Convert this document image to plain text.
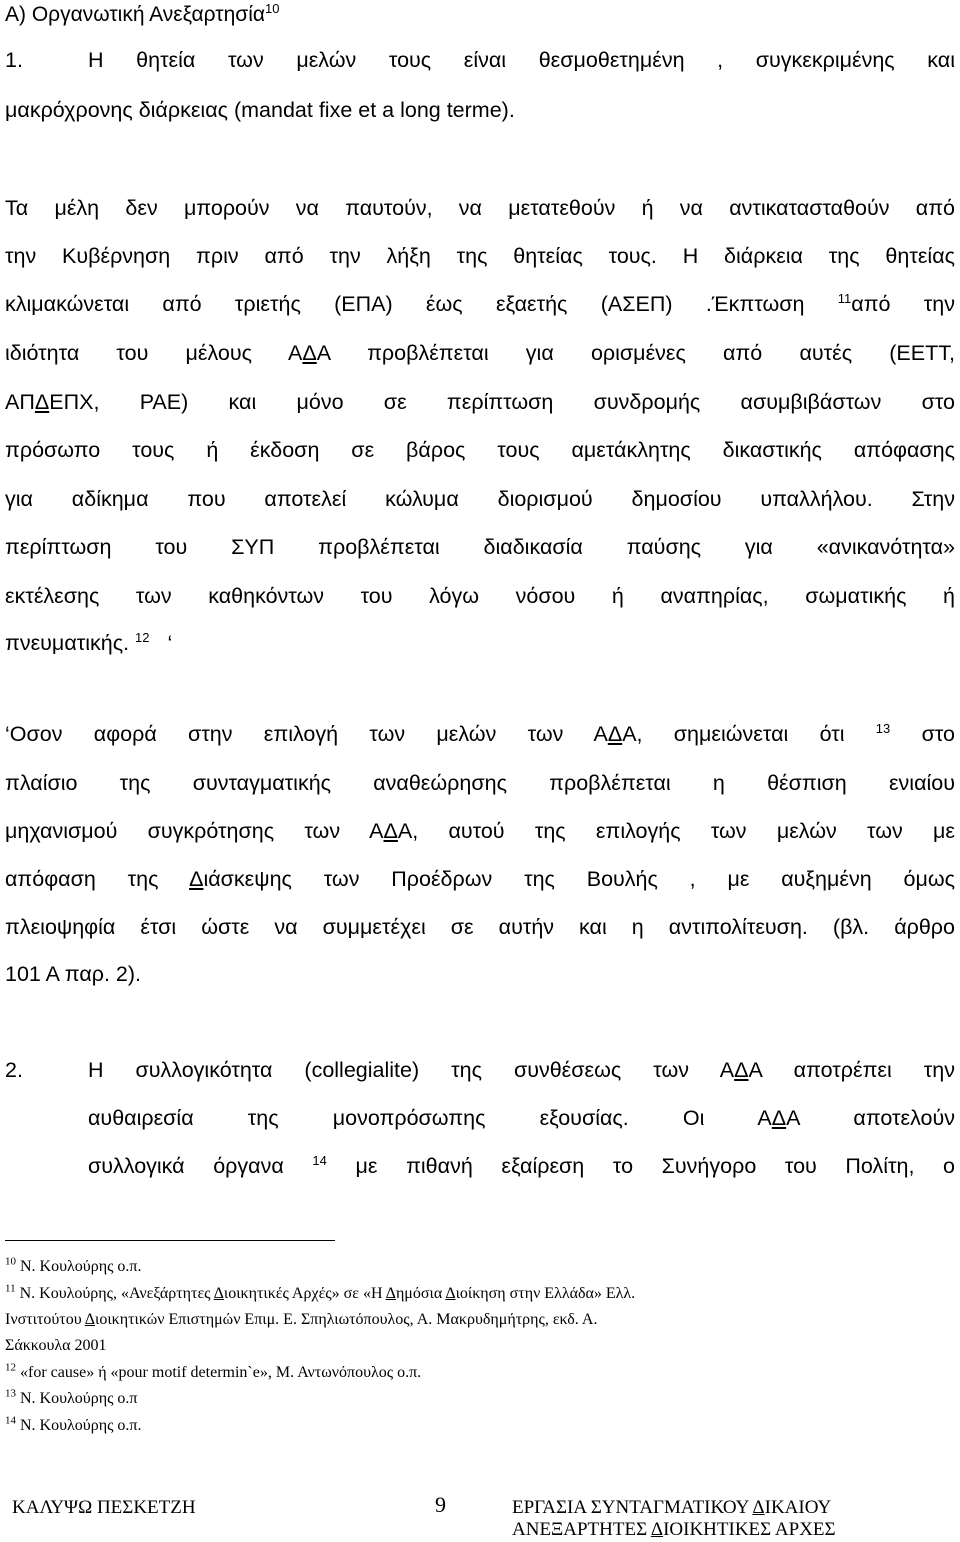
Α) Οργανωτική Ανεξαρτησία$^{10}$
1.	Η θητεία των μελών τους είναι θεσμοθετημένη , συγκεκριμένης και
μακρόχρονης διάρκειας (mandat fixe et a long terme).
Τα μέλη δεν μπορούν να παυτούν, να μετατεθούν ή να αντικατασταθούν από
την Κυβέρνηση πριν από την λήξη της θητείας τους. Η διάρκεια της θητείας
κλιμακώνεται από τριετής (ΕΠΑ) έως εξαετής (ΑΣΕΠ) .Έκπτωση	$^{11}$από την
ιδιότητα του μέλους ΑΔΑ προβλέπεται για ορισμένες από αυτές (ΕΕΤΤ,
ΑΠΔΕΠΧ, ΡΑΕ) και μόνο σε περίπτωση συνδρομής ασυμβιβάστων στο
πρόσωπο τους ή έκδοση σε βάρος τους αμετάκλητης δικαστικής απόφασης
για αδίκημα που αποτελεί κώλυμα διορισμού δημοσίου υπαλλήλου. Στην
περίπτωση του ΣΥΠ προβλέπεται διαδικασία παύσης για «ανικανότητα»
εκτέλεσης των καθηκόντων του λόγω νόσου ή αναπηρίας, σωματικής ή
πνευματικής. $^{12}$ ‘
‘Οσον αφορά στην επιλογή των μελών των ΑΔΑ, σημειώνεται ότι $^{13}$ στο
πλαίσιο της συνταγματικής αναθεώρησης προβλέπεται η θέσπιση ενιαίου
μηχανισμού συγκρότησης των ΑΔΑ, αυτού της επιλογής των μελών των με
απόφαση της Διάσκεψης των Προέδρων της Βουλής , με αυξημένη όμως
πλειοψηφία έτσι ώστε να συμμετέχει σε αυτήν και η αντιπολίτευση. (βλ. άρθρο
101 Α παρ. 2).
2.	Η συλλογικότητα (collegialite) της συνθέσεως των ΑΔΑ αποτρέπει την
αυθαιρεσία της μονοπρόσωπης εξουσίας. Οι ΑΔΑ αποτελούν
συλλογικά όργανα $^{14}$ με πιθανή εξαίρεση το Συνήγορο του Πολίτη, ο
$^{10}$ Ν. Κουλούρης ο.π.
$^{11}$ Ν. Κουλούρης, «Ανεξάρτητες Διοικητικές Αρχές» σε «Η Δημόσια Διοίκηση στην Ελλάδα» Ελλ.
Ινστιτούτου Διοικητικών Επιστημών Επιμ. Ε. Σπηλιωτόπουλος, Α. Μακρυδημήτρης, εκδ. Α.
Σάκκουλα 2001
$^{12}$ «for cause» ή «pour motif determin`e», Μ. Αντωνόπουλος ο.π.
$^{13}$ Ν. Κουλούρης ο.π
$^{14}$ Ν. Κουλούρης ο.π.
ΚΑΛΥΨΩ ΠΕΣΚΕΤΖΗ	9	ΕΡΓΑΣΙΑ ΣΥΝΤΑΓΜΑΤΙΚΟΥ ΔΙΚΑΙΟΥ
ΑΝΕΞΑΡΤΗΤΕΣ ΔΙΟΙΚΗΤΙΚΕΣ ΑΡΧΕΣ
